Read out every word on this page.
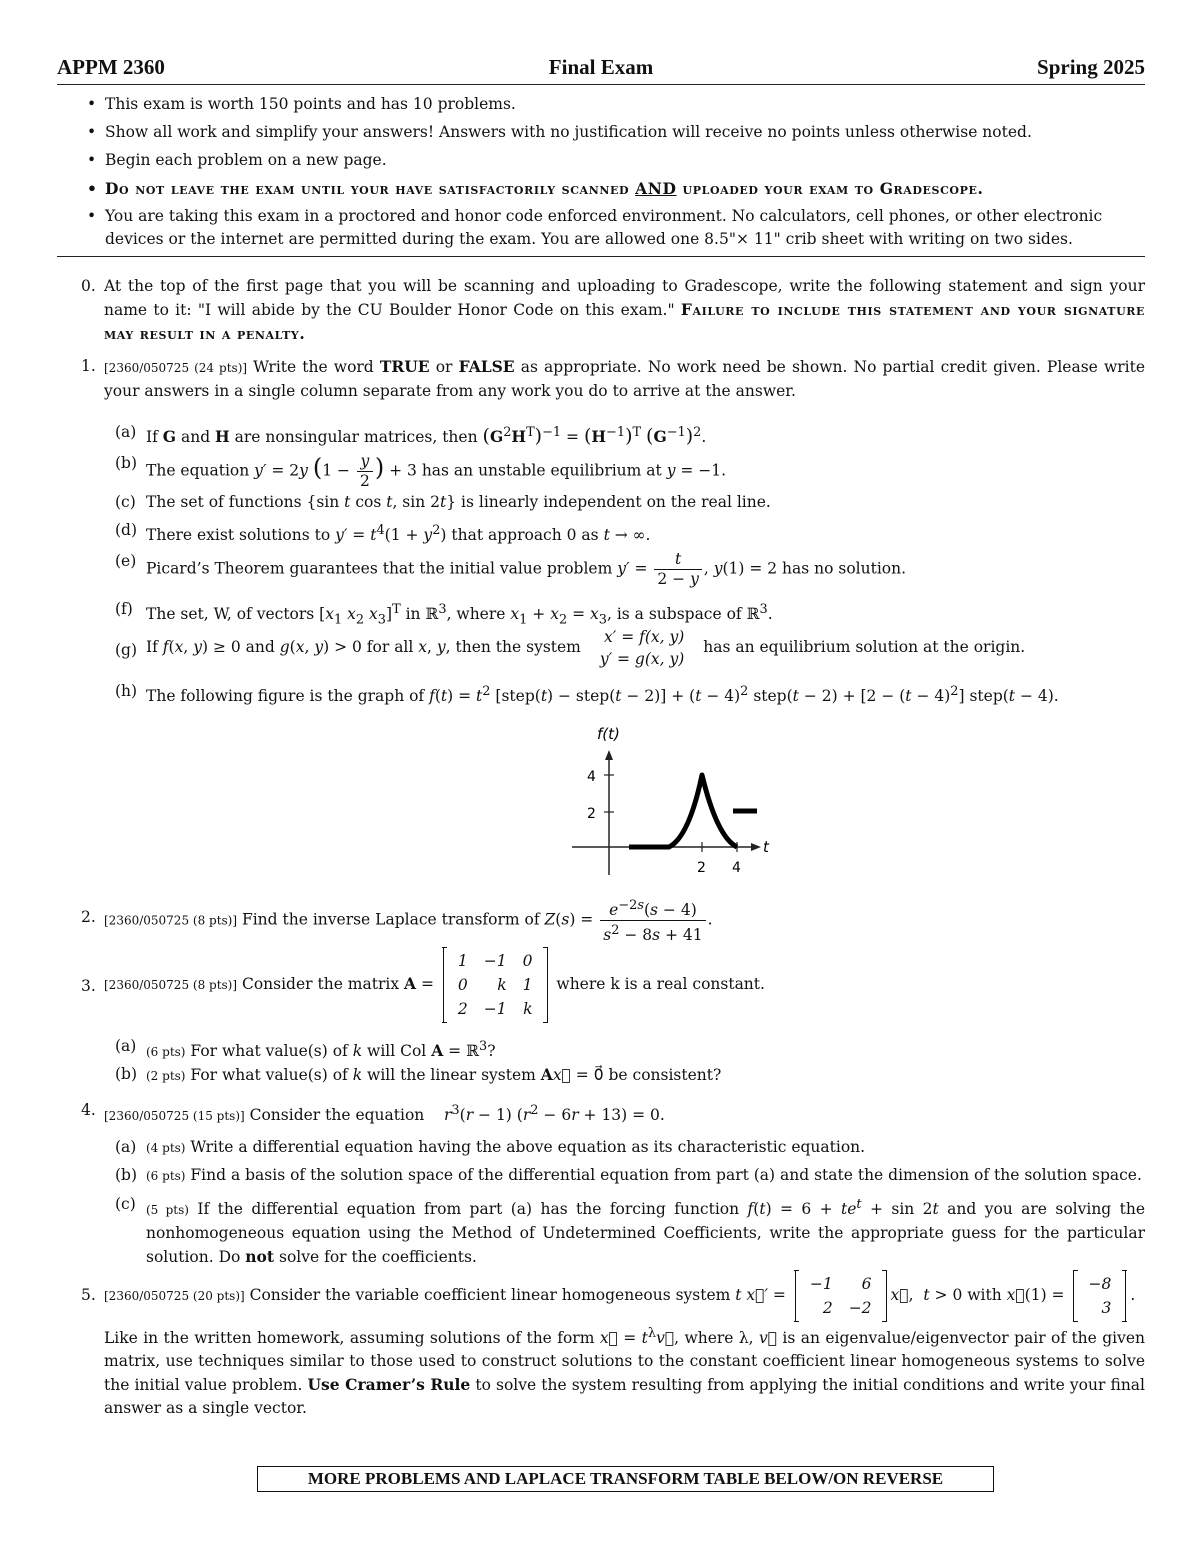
APPM 2360	Final Exam	Spring 2025
• This exam is worth 150 points and has 10 problems.
• Show all work and simplify your answers! Answers with no justification will receive no points unless otherwise noted.
• Begin each problem on a new page.
• Do not leave the exam until your have satisfactorily scanned AND uploaded your exam to Gradescope.
• You are taking this exam in a proctored and honor code enforced environment. No calculators, cell phones, or other electronic devices or the internet are permitted during the exam. You are allowed one 8.5"× 11" crib sheet with writing on two sides.
0. At the top of the first page that you will be scanning and uploading to Gradescope, write the following statement and sign your name to it: "I will abide by the CU Boulder Honor Code on this exam." Failure to include this statement and your signature may result in a penalty.
1. [2360/050725 (24 pts)] Write the word TRUE or FALSE as appropriate. No work need be shown. No partial credit given. Please write your answers in a single column separate from any work you do to arrive at the answer.
(a) If G and H are nonsingular matrices, then $(G^2H^T)^{-1} = (H^{-1})^T$ $(G^{-1})^2$.
(b) The equation y′ = 2y ($1 - \frac{y}{2}$ ) + 3 has an unstable equilibrium at y = −1.
(c) The set of functions {sin t cos t, sin 2t} is linearly independent on the real line.
(d) There exist solutions to $y' = t^4(1 + y^2)$ that approach 0 as t → ∞.
(e) Picard’s Theorem guarantees that the initial value problem $y' = \frac{t}{2 - y}$ , y(1) = 2 has no solution.
(f) The set, W, of vectors [$x_1$ $x_2$ $x_3]^T$ in ℝ$^3$, where $x_1 + x_2 = x_3$, is a subspace of ℝ$^3$.
(g) If f(x, y) ≥ 0 and g(x, y) > 0 for all x, y, then the system x′ = f(x, y)
y′ = g(x, y) has an equilibrium solution at the origin.
(h) The following figure is the graph of $f(t) = t^2$ [step(t) − step(t − $2)] + (t - 4)^2$ step(t − $2) + [2 - (t - 4)^2]$ step(t − 4).
f(t)
t
4
2
2 4
2. [2360/050725 (8 pts)] Find the inverse Laplace transform of $Z(s) = \frac{e^{-2s}(s - 4)}{s^2 - 8s + 41}$ .
3. [2360/050725 (8 pts)] Consider the matrix A =
1	−1	0
0	k	1
2	−1	k
where k is a real constant.
(a) (6 pts) For what value(s) of k will Col A = ℝ$^3$?
(b) (2 pts) For what value(s) of k will the linear system Ax⃗ = 0⃗ be consistent?
4. [2360/050725 (15 pts)] Consider the equation $r^3(r - 1) (r^2 - 6r + 13) = 0$.
(a) (4 pts) Write a differential equation having the above equation as its characteristic equation.
(b) (6 pts) Find a basis of the solution space of the differential equation from part (a) and state the dimension of the solution space.
(c) (5 pts) If the differential equation from part (a) has the forcing function $f(t) = 6 + te^t + \sin 2t$ and you are solving the nonhomogeneous equation using the Method of Undetermined Coefficients, write the appropriate guess for the particular solution. Do not solve for the coefficients.
5. [2360/050725 (20 pts)] Consider the variable coefficient linear homogeneous system t x⃗′ =
−1	6
2	−2
x⃗,  t > 0 with x⃗(1) =
−8
3
.
Like in the written homework, assuming solutions of the form x⃗ = $t^\lambda v⃗$, where λ, v⃗ is an eigenvalue/eigenvector pair of the given matrix, use techniques similar to those used to construct solutions to the constant coefficient linear homogeneous systems to solve the initial value problem. Use Cramer’s Rule to solve the system resulting from applying the initial conditions and write your final answer as a single vector.
MORE PROBLEMS AND LAPLACE TRANSFORM TABLE BELOW/ON REVERSE
